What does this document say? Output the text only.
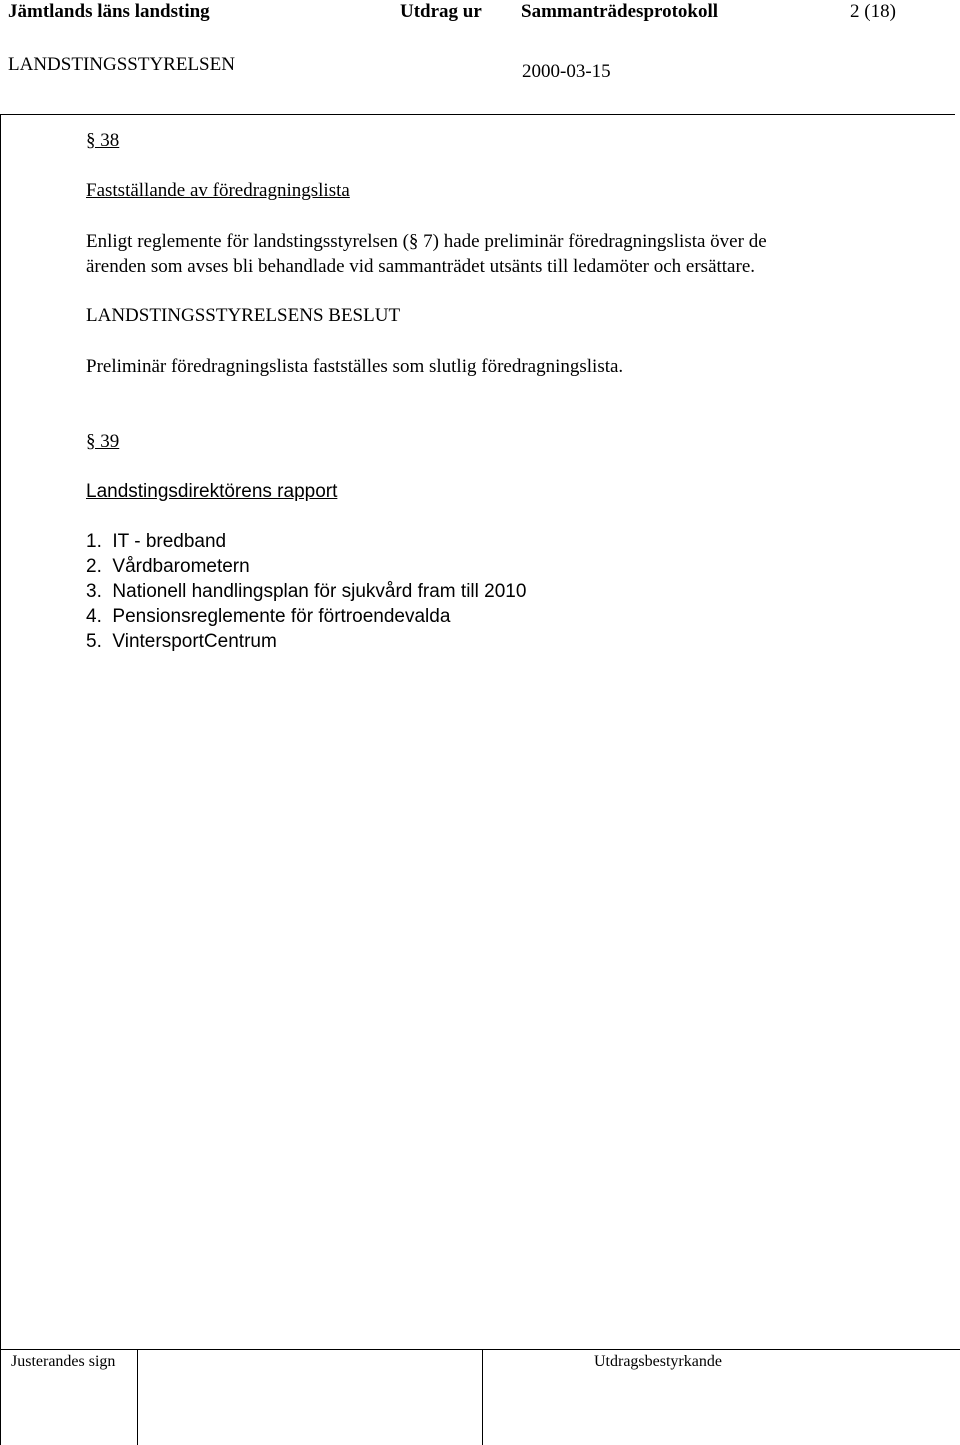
Jämtlands läns landsting	Utdrag ur Sammanträdesprotokoll	2 (18)
LANDSTINGSSTYRELSEN	2000-03-15
§ 38
Fastställande av föredragningslista
Enligt reglemente för landstingsstyrelsen (§ 7) hade preliminär föredragningslista över de
ärenden som avses bli behandlade vid sammanträdet utsänts till ledamöter och ersättare.
LANDSTINGSSTYRELSENS BESLUT
Preliminär föredragningslista fastställes som slutlig föredragningslista.
§ 39
Landstingsdirektörens rapport
1.  IT - bredband
2.  Vårdbarometern
3.  Nationell handlingsplan för sjukvård fram till 2010
4.  Pensionsreglemente för förtroendevalda
5.  VintersportCentrum
Justerandes sign	Utdragsbestyrkande
